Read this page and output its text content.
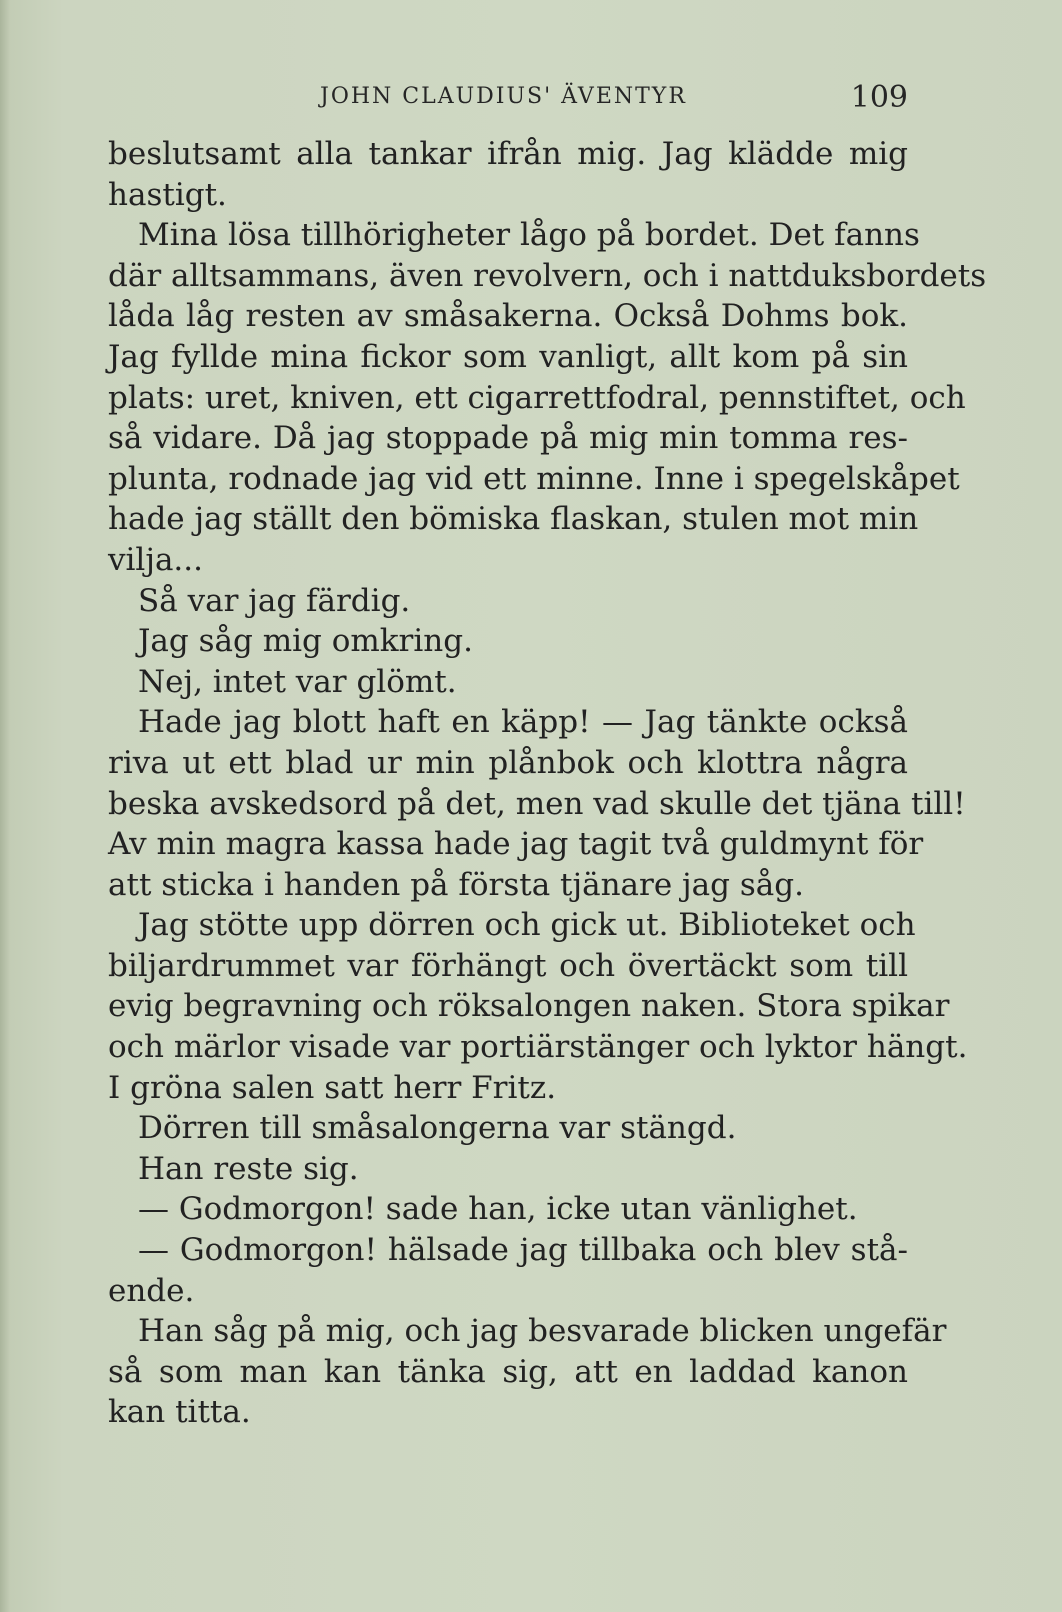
JOHN CLAUDIUS' ÄVENTYR	109
beslutsamt alla tankar ifrån mig. Jag klädde mig
hastigt.
Mina lösa tillhörigheter lågo på bordet. Det fanns
där alltsammans, även revolvern, och i nattduksbordets
låda låg resten av småsakerna. Också Dohms bok.
Jag fyllde mina fickor som vanligt, allt kom på sin
plats: uret, kniven, ett cigarrettfodral, pennstiftet, och
så vidare. Då jag stoppade på mig min tomma res-
plunta, rodnade jag vid ett minne. Inne i spegelskåpet
hade jag ställt den bömiska flaskan, stulen mot min
vilja...
Så var jag färdig.
Jag såg mig omkring.
Nej, intet var glömt.
Hade jag blott haft en käpp! — Jag tänkte också
riva ut ett blad ur min plånbok och klottra några
beska avskedsord på det, men vad skulle det tjäna till!
Av min magra kassa hade jag tagit två guldmynt för
att sticka i handen på första tjänare jag såg.
Jag stötte upp dörren och gick ut. Biblioteket och
biljardrummet var förhängt och övertäckt som till
evig begravning och röksalongen naken. Stora spikar
och märlor visade var portiärstänger och lyktor hängt.
I gröna salen satt herr Fritz.
Dörren till småsalongerna var stängd.
Han reste sig.
— Godmorgon! sade han, icke utan vänlighet.
— Godmorgon! hälsade jag tillbaka och blev stå-
ende.
Han såg på mig, och jag besvarade blicken ungefär
så som man kan tänka sig, att en laddad kanon
kan titta.
